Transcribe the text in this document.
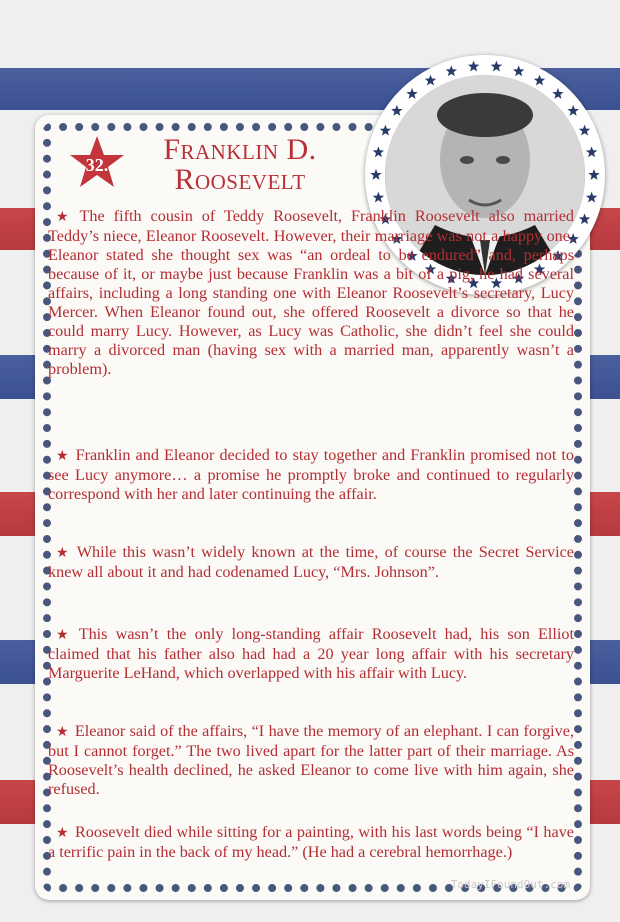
32.	Franklin D.
Roosevelt
★ The fifth cousin of Teddy Roosevelt, Franklin Roosevelt also married Teddy’s niece, Eleanor Roosevelt. However, their marriage was not a happy one. Eleanor stated she thought sex was “an ordeal to be endured” and, perhaps because of it, or maybe just because Franklin was a bit of a pig, he had several affairs, including a long standing one with Eleanor Roosevelt’s secretary, Lucy Mercer. When Eleanor found out, she offered Roosevelt a divorce so that he could marry Lucy. However, as Lucy was Catholic, she didn’t feel she could marry a divorced man (having sex with a married man, apparently wasn’t a problem).
★ Franklin and Eleanor decided to stay together and Franklin promised not to see Lucy anymore… a promise he promptly broke and continued to regularly correspond with her and later continuing the affair.
★ While this wasn’t widely known at the time, of course the Secret Service knew all about it and had codenamed Lucy, “Mrs. Johnson”.
★ This wasn’t the only long-standing affair Roosevelt had, his son Elliot claimed that his father also had had a 20 year long affair with his secretary Marguerite LeHand, which overlapped with his affair with Lucy.
★ Eleanor said of the affairs, “I have the memory of an elephant. I can forgive, but I cannot forget.” The two lived apart for the latter part of their marriage. As Roosevelt’s health declined, he asked Eleanor to come live with him again, she refused.
★ Roosevelt died while sitting for a painting, with his last words being “I have a terrific pain in the back of my head.” (He had a cerebral hemorrhage.)
TodayIFoundOut.com
